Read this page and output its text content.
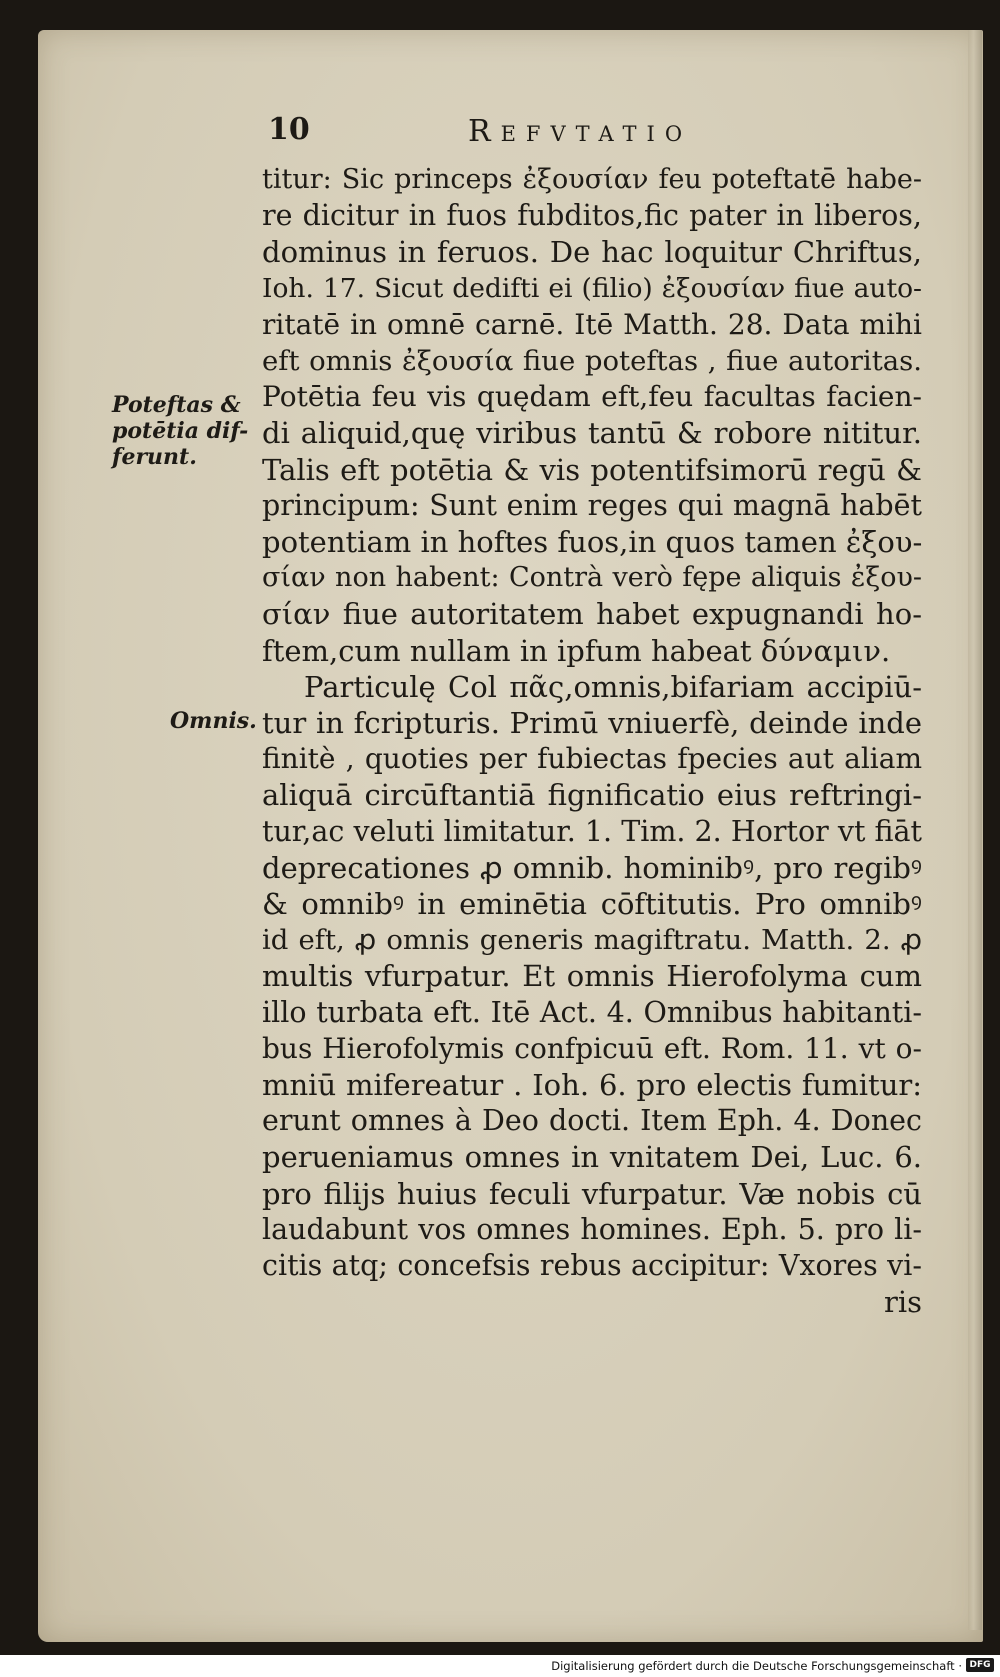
10	Refvtatio
Poteftas &
potētia dif-
ferunt.
Omnis.
titur: Sic princeps ἐξουσίαν feu poteftatē habe-
re dicitur in fuos fubditos,fic pater in liberos,
dominus in feruos. De hac loquitur Chriftus,
Ioh. 17. Sicut dedifti ei (filio) ἐξουσίαν fiue auto-
ritatē in omnē carnē. Itē Matth. 28. Data mihi
eft omnis ἐξουσία fiue poteftas , fiue autoritas.
Potētia feu vis quędam eft,feu facultas facien-
di aliquid,quę viribus tantū & robore nititur.
Talis eft potētia & vis potentifsimorū regū &
principum: Sunt enim reges qui magnā habēt
potentiam in hoftes fuos,in quos tamen ἐξου-
σίαν non habent: Contrà verò fępe aliquis ἐξου-
σίαν fiue autoritatem habet expugnandi ho-
ftem,cum nullam in ipfum habeat δύναμιν.
Particulę Col πᾶς,omnis,bifariam accipiū-
tur in fcripturis. Primū vniuerfè, deinde inde
finitè , quoties per fubiectas fpecies aut aliam
aliquā circūftantiā fignificatio eius reftringi-
tur,ac veluti limitatur. 1. Tim. 2. Hortor vt fiāt
deprecationes ꝓ omnib. hominibꝰ, pro regibꝰ
& omnibꝰ in eminētia cōftitutis. Pro omnibꝰ
id eft, ꝓ omnis generis magiftratu. Matth. 2. ꝓ
multis vfurpatur. Et omnis Hierofolyma cum
illo turbata eft. Itē Act. 4. Omnibus habitanti-
bus Hierofolymis confpicuū eft. Rom. 11. vt o-
mniū mifereatur . Ioh. 6. pro electis fumitur:
erunt omnes à Deo docti. Item Eph. 4. Donec
perueniamus omnes in vnitatem Dei, Luc. 6.
pro filijs huius feculi vfurpatur. Væ nobis cū
laudabunt vos omnes homines. Eph. 5. pro li-
citis atq; concefsis rebus accipitur: Vxores vi-
ris
Digitalisierung gefördert durch die Deutsche Forschungsgemeinschaft · DFG
